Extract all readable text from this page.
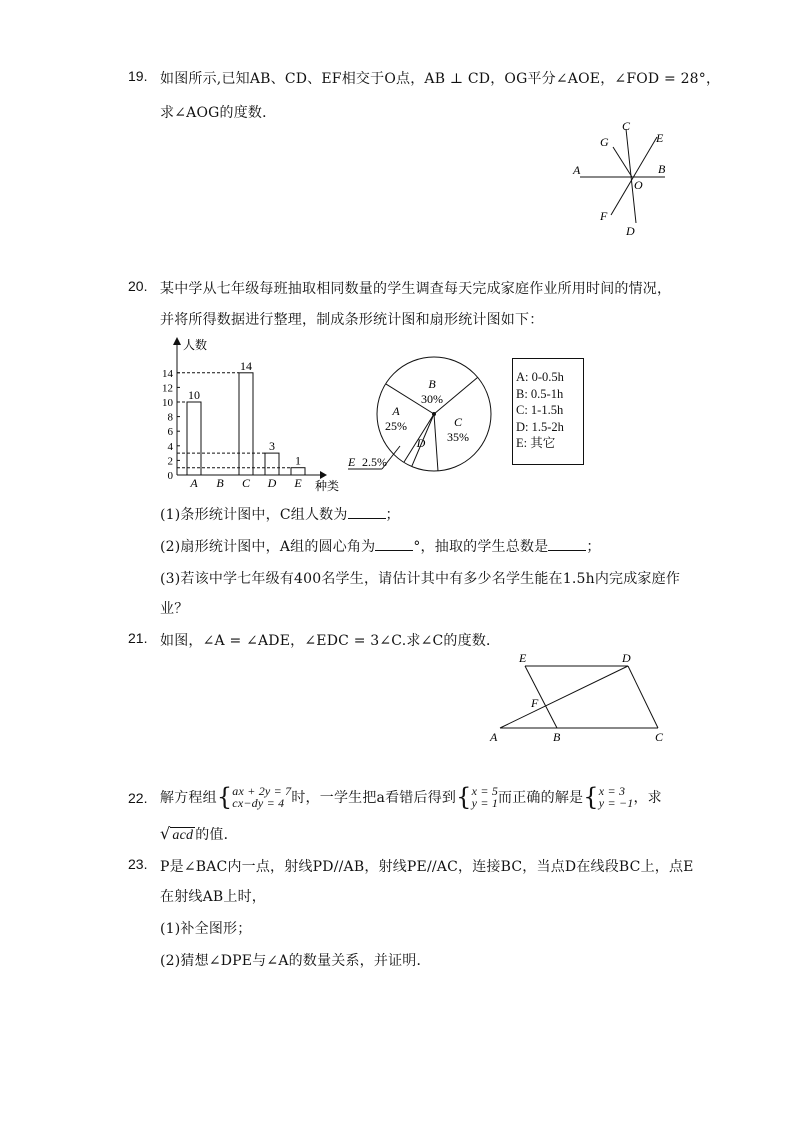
19. 如图所示,已知AB、CD、EF相交于O点，AB ⊥ CD，OG平分∠AOE，∠FOD = 28°，
求∠AOG的度数．
A	B
C
D
E
F
G
O
20. 某中学从七年级每班抽取相同数量的学生调查每天完成家庭作业所用时间的情况，
并将所得数据进行整理，制成条形统计图和扇形统计图如下：
人数
种类
0
2
4
6
8
10
12
14
A
10
B C
14
D
3
E
1
A
25%
B
30%
C
35%
D
E 2.5%
A: 0-0.5h
B: 0.5-1h
C: 1-1.5h
D: 1.5-2h
E: 其它
(1)条形统计图中，C组人数为	；
(2)扇形统计图中，A组的圆心角为	°，抽取的学生总数是	；
(3)若该中学七年级有400名学生，请估计其中有多少名学生能在1.5h内完成家庭作
业？
21. 如图，∠A = ∠ADE，∠EDC = 3∠C.求∠C的度数．
A	B	C
D
E
F
22. 解方程组 { ax + 2y = 7
cx−dy = 4 时，一学生把a看错后得到 { x = 5
y = 1 而正确的解是 { x = 3
y = −1 ，求
√ acd 的值．
23. P是∠BAC内一点，射线PD//AB，射线PE//AC，连接BC，当点D在线段BC上，点E
在射线AB上时，
(1)补全图形；
(2)猜想∠DPE与∠A的数量关系，并证明．
